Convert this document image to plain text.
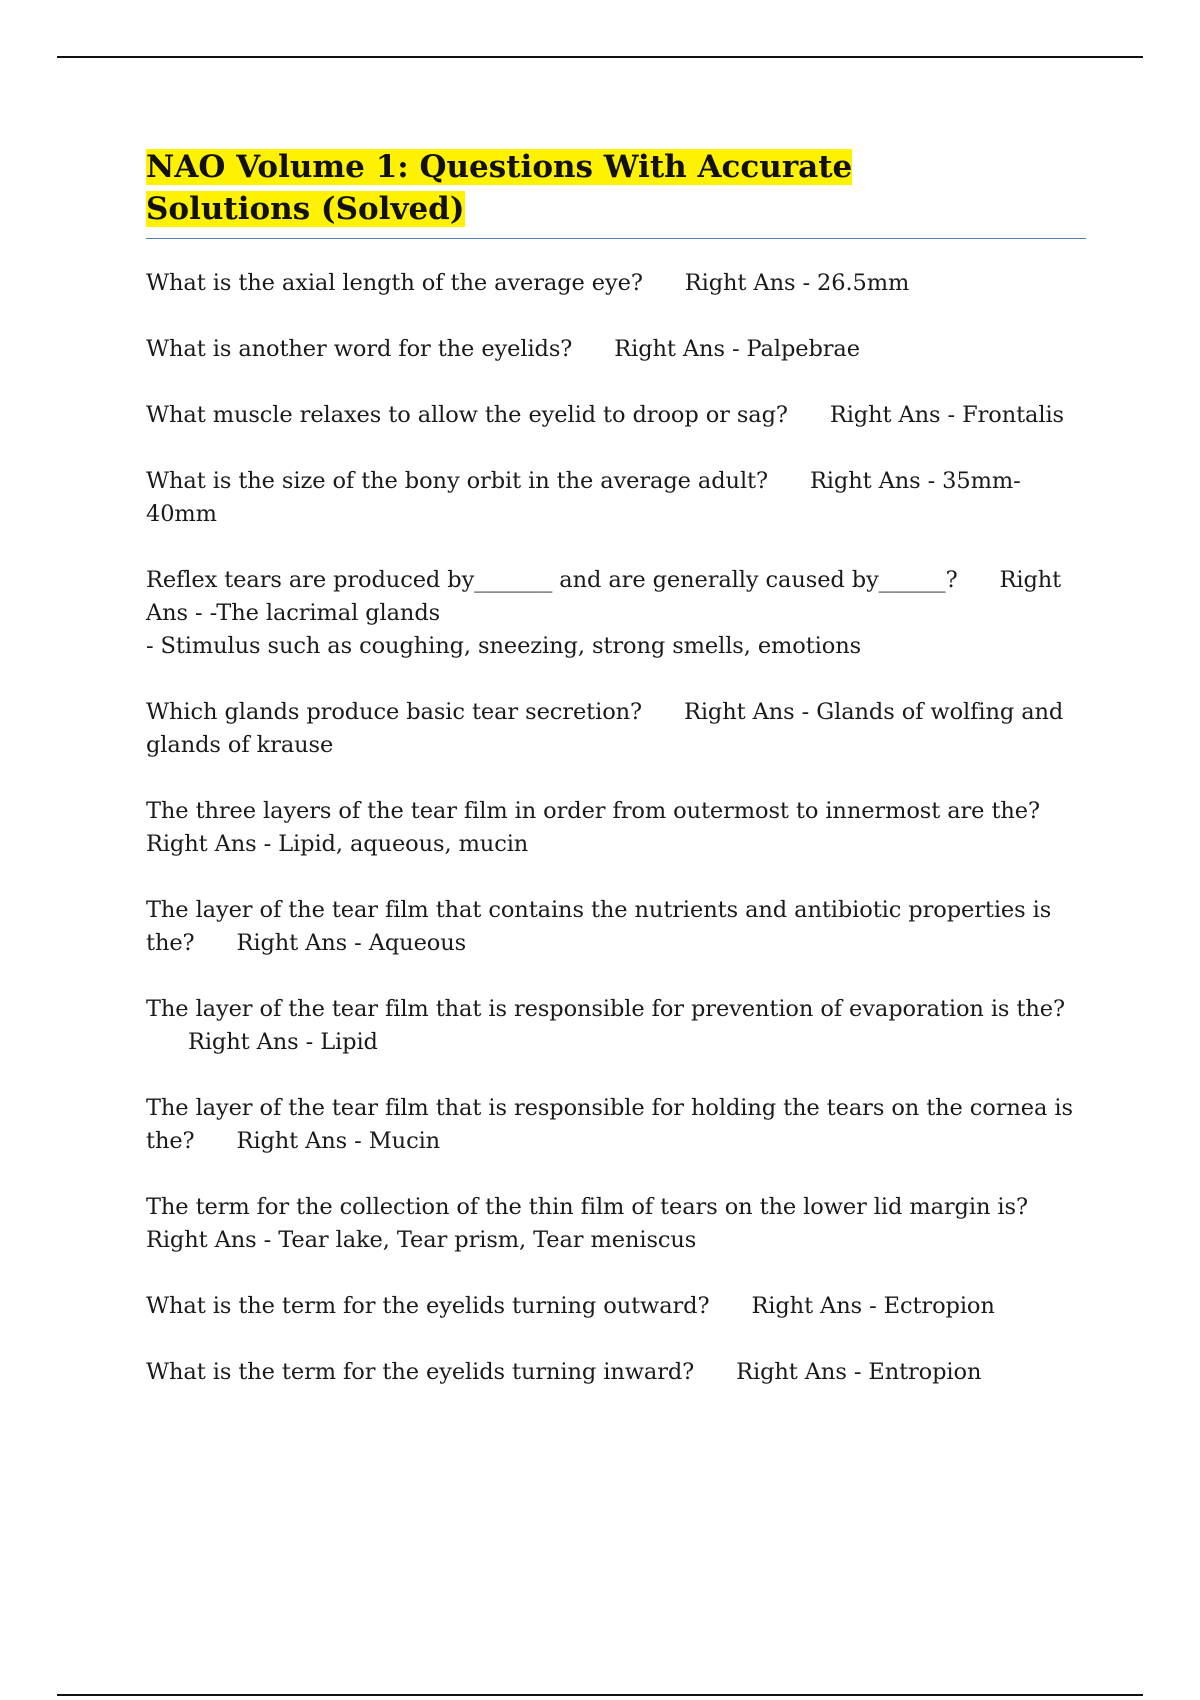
NAO Volume 1: Questions With Accurate Solutions (Solved)

What is the axial length of the average eye? Right Ans - 26.5mm

What is another word for the eyelids? Right Ans - Palpebrae

What muscle relaxes to allow the eyelid to droop or sag? Right Ans - Frontalis

What is the size of the bony orbit in the average adult? Right Ans - 35mm-40mm

Reflex tears are produced by_______ and are generally caused by______? Right Ans - -The lacrimal glands
- Stimulus such as coughing, sneezing, strong smells, emotions

Which glands produce basic tear secretion? Right Ans - Glands of wolfing and glands of krause

The three layers of the tear film in order from outermost to innermost are the?Right Ans - Lipid, aqueous, mucin

The layer of the tear film that contains the nutrients and antibiotic properties is the? Right Ans - Aqueous

The layer of the tear film that is responsible for prevention of evaporation is the?Right Ans - Lipid

The layer of the tear film that is responsible for holding the tears on the cornea is the? Right Ans - Mucin

The term for the collection of the thin film of tears on the lower lid margin is?Right Ans - Tear lake, Tear prism, Tear meniscus

What is the term for the eyelids turning outward? Right Ans - Ectropion

What is the term for the eyelids turning inward? Right Ans - Entropion
